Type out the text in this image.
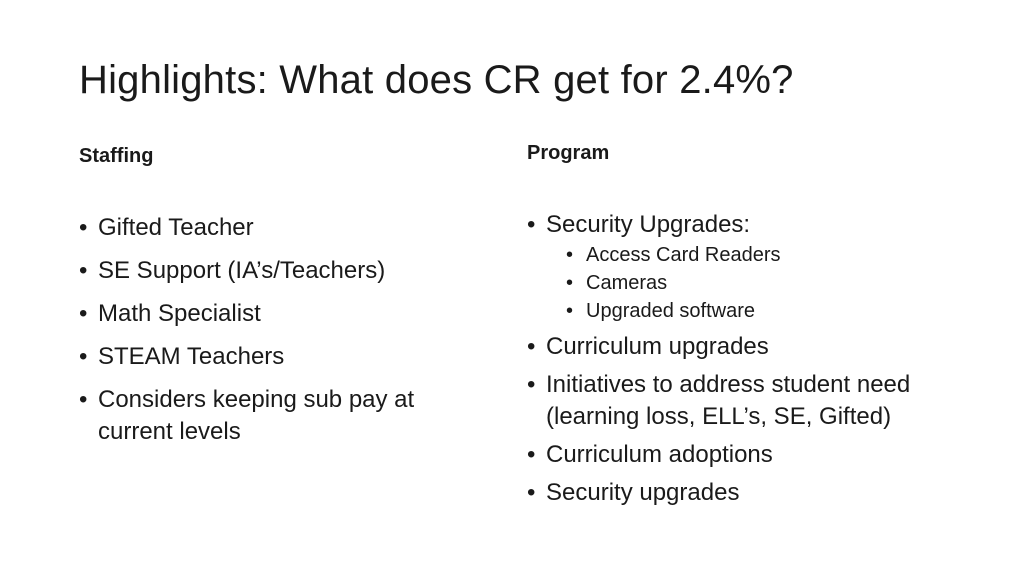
Highlights: What does CR get for 2.4%?
Staffing
• Gifted Teacher
• SE Support (IA’s/Teachers)
• Math Specialist
• STEAM Teachers
• Considers keeping sub pay at current levels
Program
• Security Upgrades:
• Access Card Readers
• Cameras
• Upgraded software
• Curriculum upgrades
• Initiatives to address student need (learning loss, ELL’s, SE, Gifted)
• Curriculum adoptions
• Security upgrades
